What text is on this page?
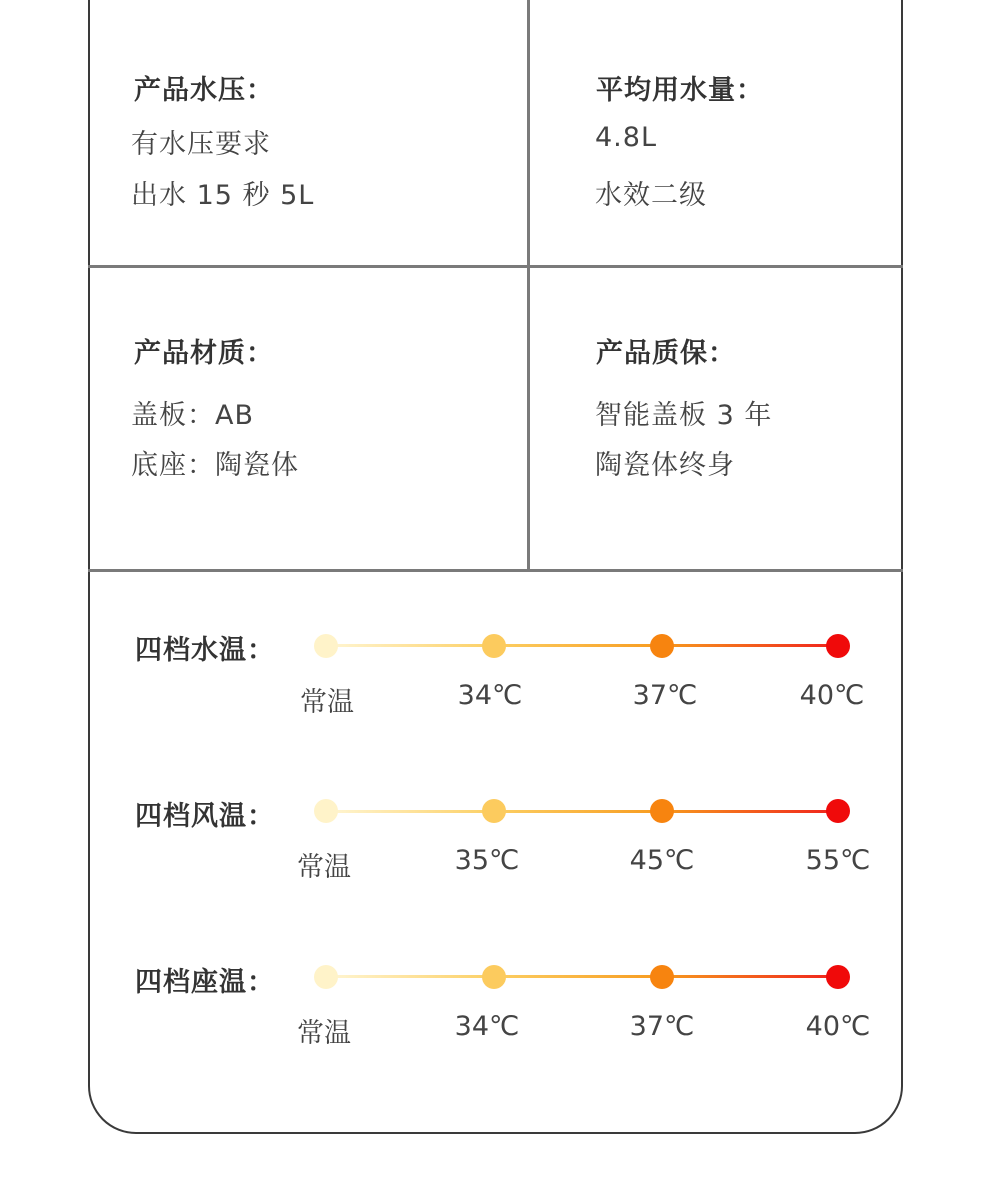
产品水压：
有水压要求
出水 15 秒 5L
平均用水量：
4.8L
水效二级
产品材质：
盖板：AB
底座：陶瓷体
产品质保：
智能盖板 3 年
陶瓷体终身
四档水温：
常温	34℃	37℃	40℃
四档风温：
常温	35℃	45℃	55℃
四档座温：
常温	34℃	37℃	40℃
